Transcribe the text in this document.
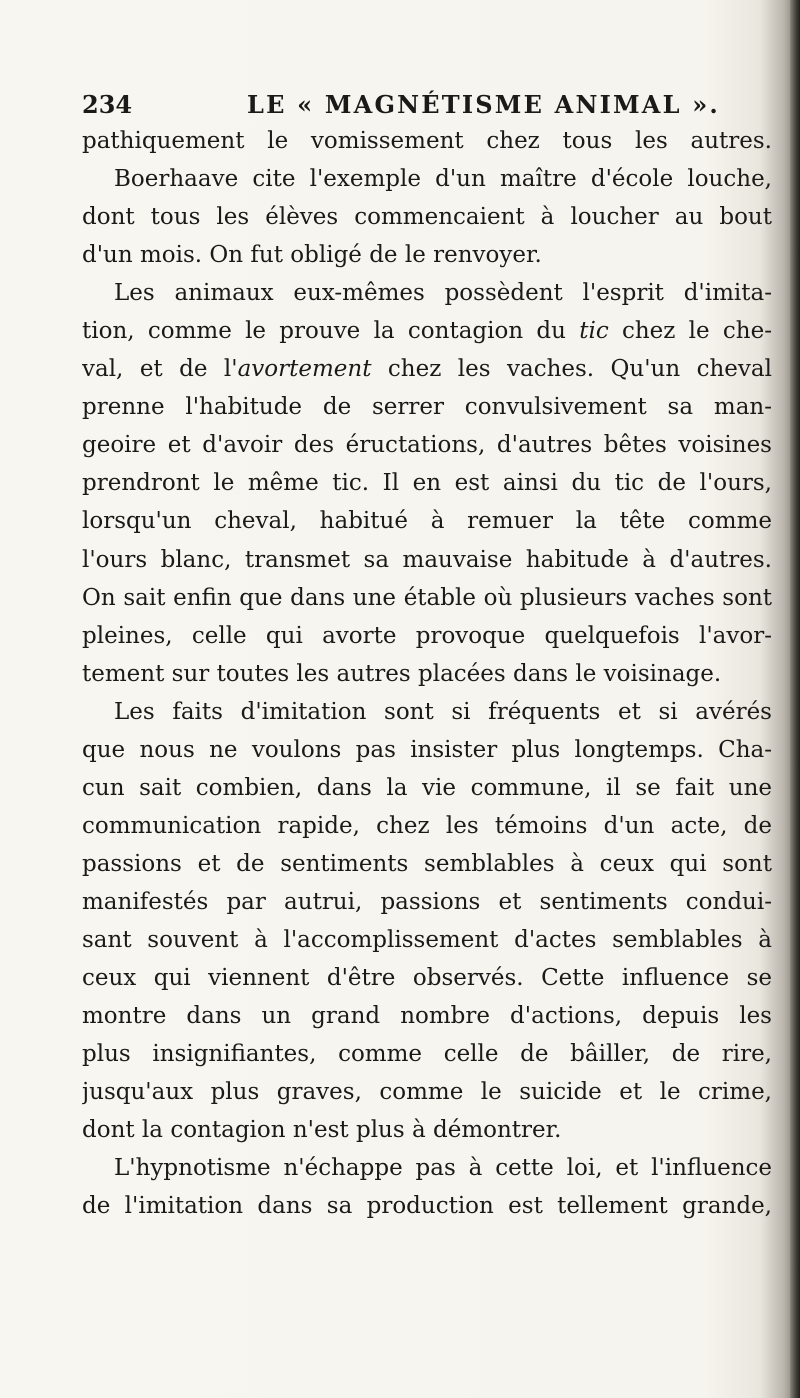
234	LE « MAGNÉTISME ANIMAL ».
pathiquement le vomissement chez tous les autres.
Boerhaave cite l'exemple d'un maître d'école louche,
dont tous les élèves commencaient à loucher au bout
d'un mois. On fut obligé de le renvoyer.
Les animaux eux-mêmes possèdent l'esprit d'imita-
tion, comme le prouve la contagion du tic chez le che-
val, et de l'avortement chez les vaches. Qu'un cheval
prenne l'habitude de serrer convulsivement sa man-
geoire et d'avoir des éructations, d'autres bêtes voisines
prendront le même tic. Il en est ainsi du tic de l'ours,
lorsqu'un cheval, habitué à remuer la tête comme
l'ours blanc, transmet sa mauvaise habitude à d'autres.
On sait enfin que dans une étable où plusieurs vaches sont
pleines, celle qui avorte provoque quelquefois l'avor-
tement sur toutes les autres placées dans le voisinage.
Les faits d'imitation sont si fréquents et si avérés
que nous ne voulons pas insister plus longtemps. Cha-
cun sait combien, dans la vie commune, il se fait une
communication rapide, chez les témoins d'un acte, de
passions et de sentiments semblables à ceux qui sont
manifestés par autrui, passions et sentiments condui-
sant souvent à l'accomplissement d'actes semblables à
ceux qui viennent d'être observés. Cette influence se
montre dans un grand nombre d'actions, depuis les
plus insignifiantes, comme celle de bâiller, de rire,
jusqu'aux plus graves, comme le suicide et le crime,
dont la contagion n'est plus à démontrer.
L'hypnotisme n'échappe pas à cette loi, et l'influence
de l'imitation dans sa production est tellement grande,
